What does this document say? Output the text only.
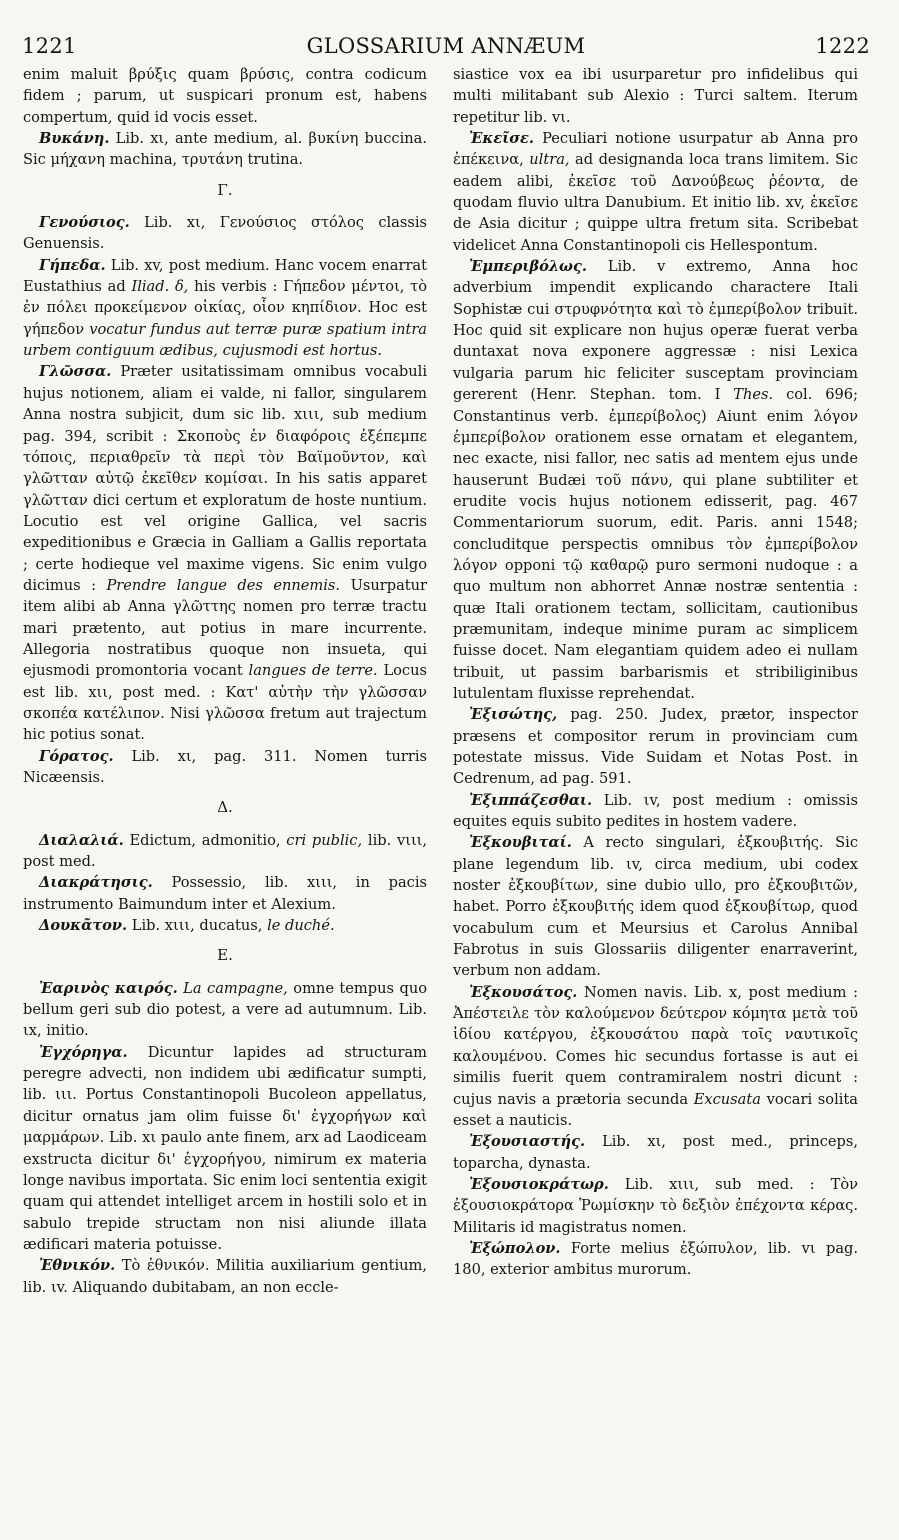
1221	GLOSSARIUM ANNÆUM	1222

enim maluit βρύξις quam βρύσις, contra codicum fidem ; parum, ut suspicari pronum est, habens compertum, quid id vocis esset.

Βυκάνη. Lib. xι, ante medium, al. βυκίνη buccina. Sic μήχανη machina, τρυτάνη trutina.

Γ.

Γενούσιος. Lib. xι, Γενούσιος στόλος classis Genuensis.

Γήπεδα. Lib. xv, post medium. Hanc vocem enarrat Eustathius ad Iliad. δ, his verbis : Γήπεδον μέντοι, τὸ ἐν πόλει προκείμενον οἰκίας, οἷον κηπίδιον. Hoc est γήπεδον vocatur fundus aut terræ puræ spatium intra urbem contiguum ædibus, cujusmodi est hortus.

Γλῶσσα. Præter usitatissimam omnibus vocabuli hujus notionem, aliam ei valde, ni fallor, singularem Anna nostra subjicit, dum sic lib. xιιι, sub medium pag. 394, scribit : Σκοποὺς ἐν διαφόροις ἐξέπεμπε τόποις, περιαθρεῖν τὰ περὶ τὸν Βαϊμοῦντον, καὶ γλῶτταν αὐτῷ ἐκεῖθεν κομίσαι. In his satis apparet γλῶτταν dici certum et exploratum de hoste nuntium. Locutio est vel origine Gallica, vel sacris expeditionibus e Græcia in Galliam a Gallis reportata ; certe hodieque vel maxime vigens. Sic enim vulgo dicimus : Prendre langue des ennemis. Usurpatur item alibi ab Anna γλῶττης nomen pro terræ tractu mari prætento, aut potius in mare incurrente. Allegoria nostratibus quoque non insueta, qui ejusmodi promontoria vocant langues de terre. Locus est lib. xιι, post med. : Κατ' αὐτὴν τὴν γλῶσσαν σκοπέα κατέλιπον. Nisi γλῶσσα fretum aut trajectum hic potius sonat.

Γόρατος. Lib. xι, pag. 311. Nomen turris Nicæensis.

Δ.

Διαλαλιά. Edictum, admonitio, cri public, lib. vιιι, post med.

Διακράτησις. Possessio, lib. xιιι, in pacis instrumento Baimundum inter et Alexium.

Δουκᾶτον. Lib. xιιι, ducatus, le duché.

E.

Ἐαρινὸς καιρός. La campagne, omne tempus quo bellum geri sub dio potest, a vere ad autumnum. Lib. ιx, initio.

Ἐγχόρηγα. Dicuntur lapides ad structuram peregre advecti, non indidem ubi ædificatur sumpti, lib. ιιι. Portus Constantinopoli Bucoleon appellatus, dicitur ornatus jam olim fuisse δι' ἐγχορήγων καὶ μαρμάρων. Lib. xι paulo ante finem, arx ad Laodiceam exstructa dicitur δι' ἐγχορήγου, nimirum ex materia longe navibus importata. Sic enim loci sententia exigit quam qui attendet intelliget arcem in hostili solo et in sabulo trepide structam non nisi aliunde illata ædificari materia potuisse.

Ἐθνικόν. Τὸ ἐθνικόν. Militia auxiliarium gentium, lib. ιv. Aliquando dubitabam, an non eccle-

siastice vox ea ibi usurparetur pro infidelibus qui multi militabant sub Alexio : Turci saltem. Iterum repetitur lib. vι.

Ἐκεῖσε. Peculiari notione usurpatur ab Anna pro ἐπέκεινα, ultra, ad designanda loca trans limitem. Sic eadem alibi, ἐκεῖσε τοῦ Δανούβεως ῥέοντα, de quodam fluvio ultra Danubium. Et initio lib. xv, ἐκεῖσε de Asia dicitur ; quippe ultra fretum sita. Scribebat videlicet Anna Constantinopoli cis Hellespontum.

Ἐμπεριβόλως. Lib. v extremo, Anna hoc adverbium impendit explicando characterе Itali Sophistæ cui στρυφνότητα καὶ τὸ ἐμπερίβολον tribuit. Hoc quid sit explicare non hujus operæ fuerat verba duntaxat nova exponere aggressæ : nisi Lexica vulgaria parum hic feliciter susceptam provinciam gererent (Henr. Stephan. tom. I Thes. col. 696; Constantinus verb. ἐμπερίβολος) Aiunt enim λόγον ἐμπερίβολον orationem esse ornatam et elegantem, nec exacte, nisi fallor, nec satis ad mentem ejus unde hauserunt Budæi τοῦ πάνυ, qui plane subtiliter et erudite vocis hujus notionem edisserit, pag. 467 Commentariorum suorum, edit. Paris. anni 1548; concluditque perspectis omnibus τὸν ἐμπερίβολον λόγον opponi τῷ καθαρῷ puro sermoni nudoque : a quo multum non abhorret Annæ nostræ sententia : quæ Itali orationem tectam, sollicitam, cautionibus præmunitam, indeque minime puram ac simplicem fuisse docet. Nam elegantiam quidem adeo ei nullam tribuit, ut passim barbarismis et stribiliginibus lutulentam fluxisse reprehendat.

Ἐξισώτης, pag. 250. Judex, prætor, inspector præsens et compositor rerum in provinciam cum potestate missus. Vide Suidam et Notas Post. in Cedrenum, ad pag. 591.

Ἐξιππάζεσθαι. Lib. ιv, post medium : omissis equites equis subito pedites in hostem vadere.

Ἐξκουβιταί. A recto singulari, ἐξκουβιτής. Sic plane legendum lib. ιv, circa medium, ubi codex noster ἐξκουβίτων, sine dubio ullo, pro ἐξκουβιτῶν, habet. Porro ἐξκουβιτής idem quod ἐξκουβίτωρ, quod vocabulum cum et Meursius et Carolus Annibal Fabrotus in suis Glossariis diligenter enarraverint, verbum non addam.

Ἐξκουσάτος. Nomen navis. Lib. x, post medium : Ἀπέστειλε τὸν καλούμενον δεύτερον κόμητα μετὰ τοῦ ἰδίου κατέργου, ἐξκουσάτου παρὰ τοῖς ναυτικοῖς καλουμένου. Comes hic secundus fortasse is aut ei similis fuerit quem contramiralem nostri dicunt : cujus navis a prætoria secunda Excusata vocari solita esset a nauticis.

Ἐξουσιαστής. Lib. xι, post med., princeps, toparcha, dynasta.

Ἐξουσιοκράτωρ. Lib. xιιι, sub med. : Τὸν ἐξουσιοκράτορα Ῥωμίσκην τὸ δεξιὸν ἐπέχοντα κέρας. Militaris id magistratus nomen.

Ἐξώπολον. Forte melius ἐξώπυλον, lib. vι pag. 180, exterior ambitus murorum.
